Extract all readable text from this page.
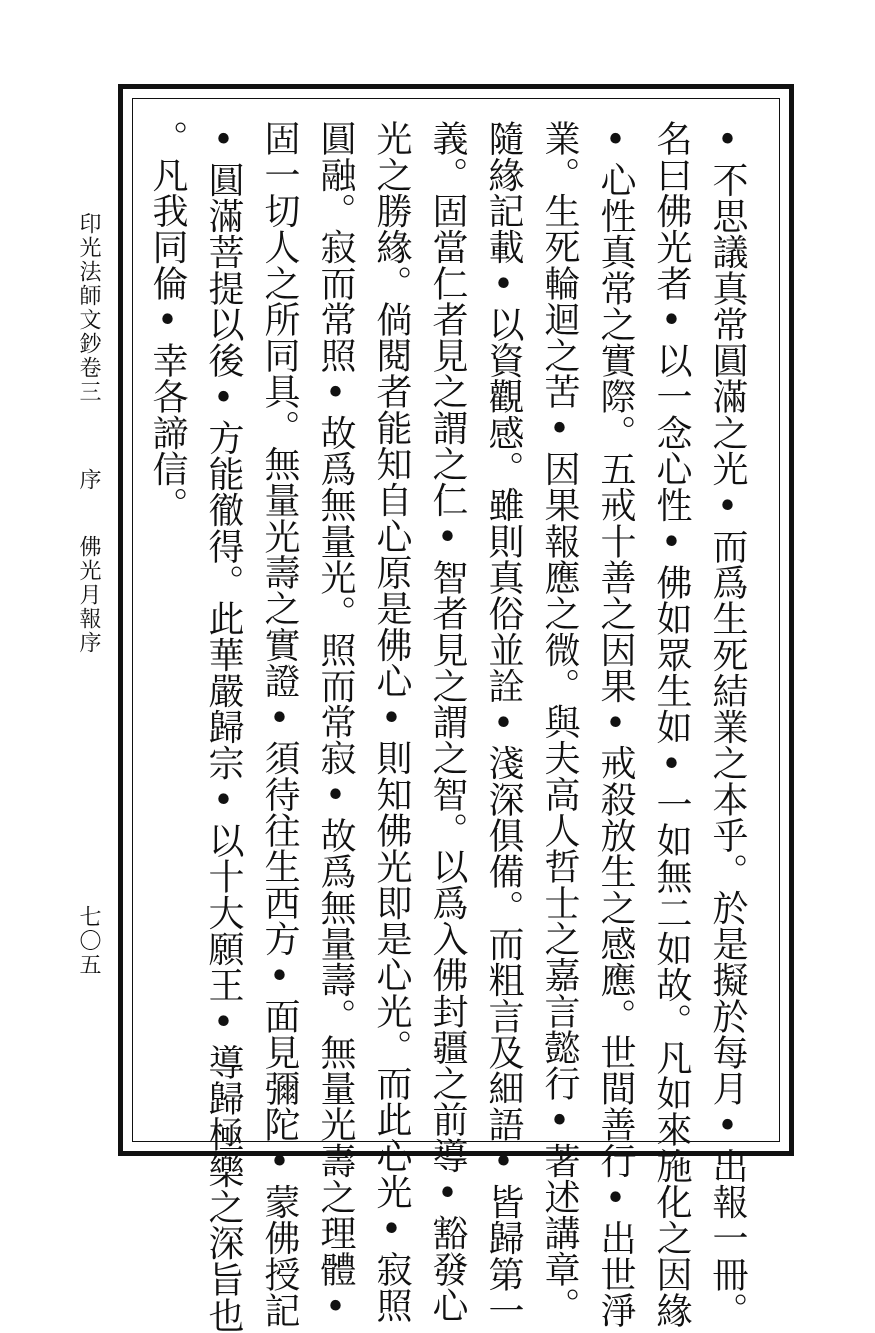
印光法師文鈔卷三
序
佛光月報序
七〇五	•不思議真常圓滿之光•而爲生死結業之本乎。於是擬於每月•出報一冊。
名曰佛光者•以一念心性•佛如眾生如•一如無二如故。凡如來施化之因緣
•心性真常之實際。五戒十善之因果•戒殺放生之感應。世間善行•出世淨
業。生死輪迴之苦•因果報應之微。與夫高人哲士之嘉言懿行•著述講章。
隨緣記載•以資觀感。雖則真俗並詮•淺深俱備。而粗言及細語•皆歸第一
義。固當仁者見之謂之仁•智者見之謂之智。以爲入佛封疆之前導•豁發心
光之勝緣。倘閱者能知自心原是佛心•則知佛光即是心光。而此心光•寂照
圓融。寂而常照•故爲無量光。照而常寂•故爲無量壽。無量光壽之理體•
固一切人之所同具。無量光壽之實證•須待往生西方•面見彌陀•蒙佛授記
•圓滿菩提以後•方能徹得。此華嚴歸宗•以十大願王•導歸極樂之深旨也
。凡我同倫•幸各諦信。
